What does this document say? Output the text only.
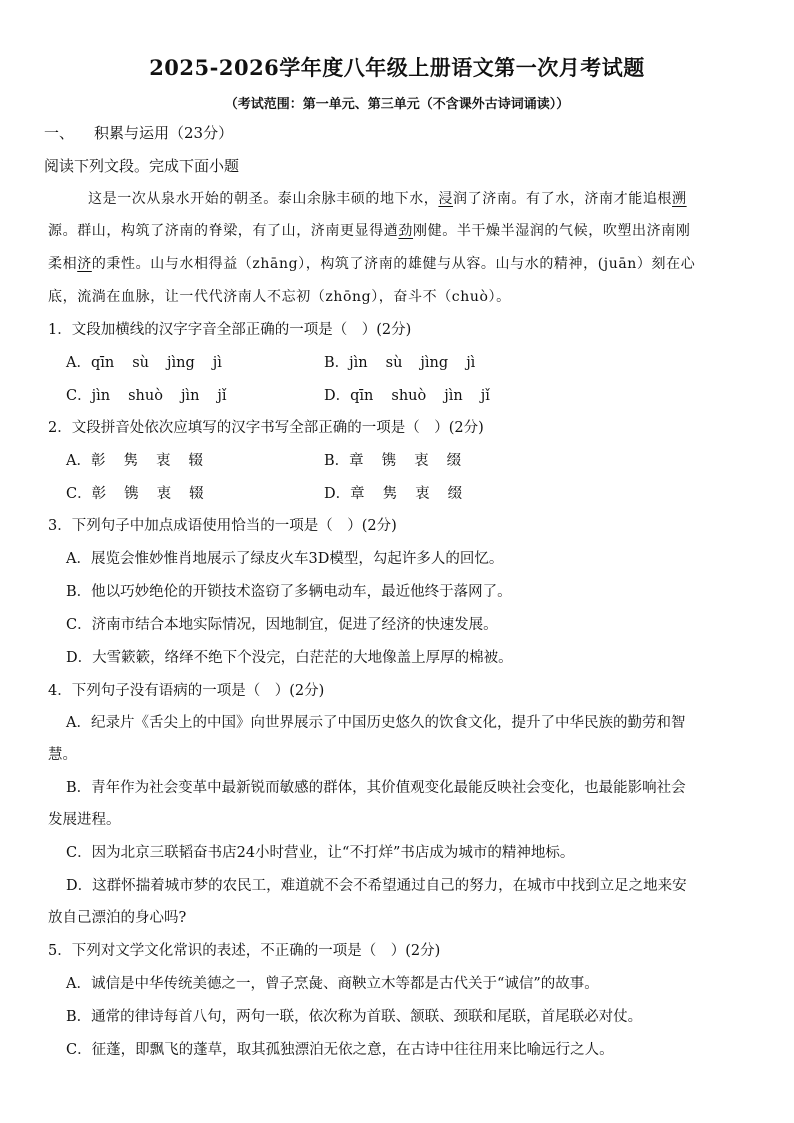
2025-2026学年度八年级上册语文第一次月考试题
（考试范围：第一单元、第三单元（不含课外古诗词诵读））
一、 积累与运用（23分）
阅读下列文段。完成下面小题
这是一次从泉水开始的朝圣。泰山余脉丰硕的地下水，浸润了济南。有了水，济南才能追根溯
源。群山，构筑了济南的脊梁，有了山，济南更显得遒劲刚健。半干燥半湿润的气候，吹塑出济南刚
柔相济的秉性。山与水相得益（zhāng），构筑了济南的雄健与从容。山与水的精神，(juān）刻在心
底，流淌在血脉，让一代代济南人不忘初（zhōng），奋斗不（chuò）。
1．文段加横线的汉字字音全部正确的一项是（　）(2分)
A．qīn sù jìng jì	B．jìn sù jìng jì
C．jìn shuò jìn jǐ	D．qīn shuò jìn jǐ
2．文段拼音处依次应填写的汉字书写全部正确的一项是（　）(2分)
A．彰 隽 衷 辍	B．章 镌 衷 缀
C．彰 镌 衷 辍	D．章 隽 衷 缀
3．下列句子中加点成语使用恰当的一项是（　）(2分)
A．展览会惟妙惟肖地展示了绿皮火车3D模型，勾起许多人的回忆。
B．他以巧妙绝伦的开锁技术盗窃了多辆电动车，最近他终于落网了。
C．济南市结合本地实际情况，因地制宜，促进了经济的快速发展。
D．大雪簌簌，络绎不绝下个没完，白茫茫的大地像盖上厚厚的棉被。
4．下列句子没有语病的一项是（　）(2分)
A．纪录片《舌尖上的中国》向世界展示了中国历史悠久的饮食文化，提升了中华民族的勤劳和智
慧。
B．青年作为社会变革中最新锐而敏感的群体，其价值观变化最能反映社会变化，也最能影响社会
发展进程。
C．因为北京三联韬奋书店24小时营业，让“不打烊”书店成为城市的精神地标。
D．这群怀揣着城市梦的农民工，难道就不会不希望通过自己的努力，在城市中找到立足之地来安
放自己漂泊的身心吗?
5．下列对文学文化常识的表述，不正确的一项是（　）(2分)
A．诚信是中华传统美德之一，曾子烹彘、商鞅立木等都是古代关于“诚信”的故事。
B．通常的律诗每首八句，两句一联，依次称为首联、颔联、颈联和尾联，首尾联必对仗。
C．征蓬，即飘飞的蓬草，取其孤独漂泊无依之意，在古诗中往往用来比喻远行之人。
